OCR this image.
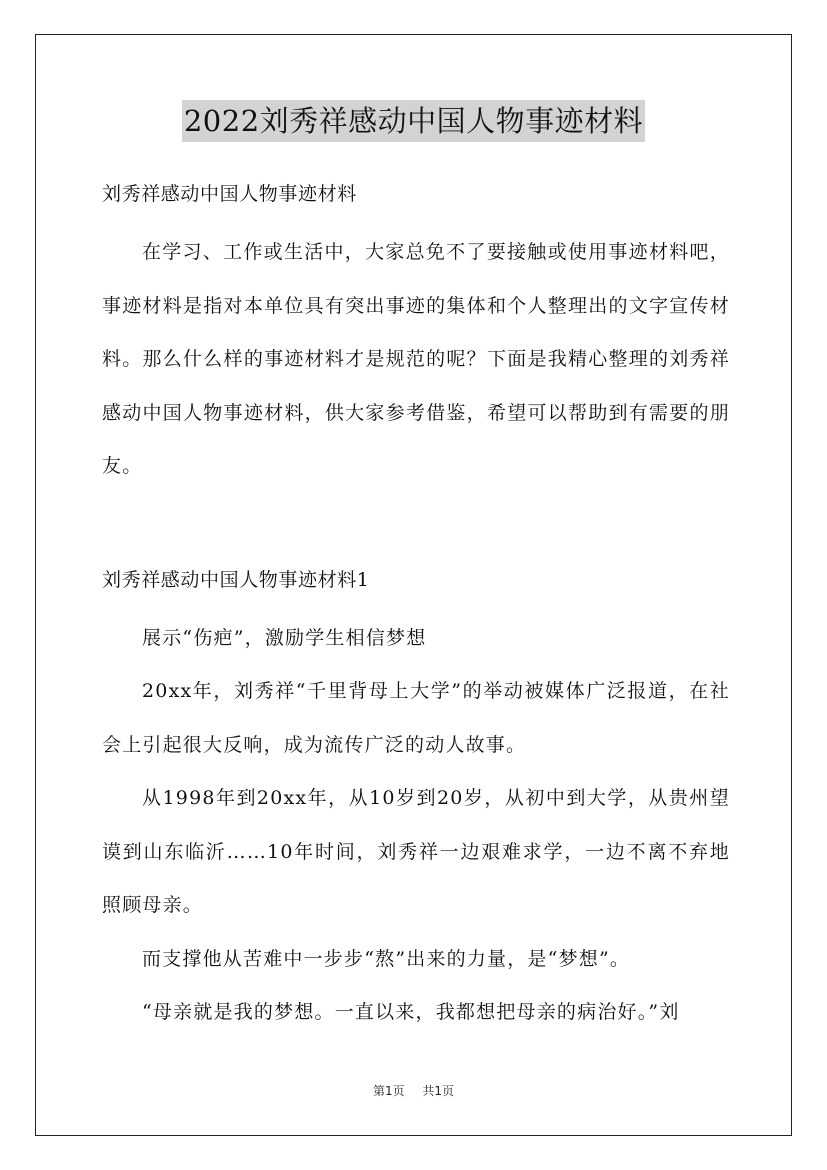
2022刘秀祥感动中国人物事迹材料
刘秀祥感动中国人物事迹材料

在学习、工作或生活中，大家总免不了要接触或使用事迹材料吧，事迹材料是指对本单位具有突出事迹的集体和个人整理出的文字宣传材料。那么什么样的事迹材料才是规范的呢？下面是我精心整理的刘秀祥感动中国人物事迹材料，供大家参考借鉴，希望可以帮助到有需要的朋友。

刘秀祥感动中国人物事迹材料1

展示“伤疤”，激励学生相信梦想

20xx年，刘秀祥“千里背母上大学”的举动被媒体广泛报道，在社会上引起很大反响，成为流传广泛的动人故事。

从1998年到20xx年，从10岁到20岁，从初中到大学，从贵州望谟到山东临沂……10年时间，刘秀祥一边艰难求学，一边不离不弃地照顾母亲。

而支撑他从苦难中一步步“熬”出来的力量，是“梦想”。

“母亲就是我的梦想。一直以来，我都想把母亲的病治好。”刘

第1页 共1页
